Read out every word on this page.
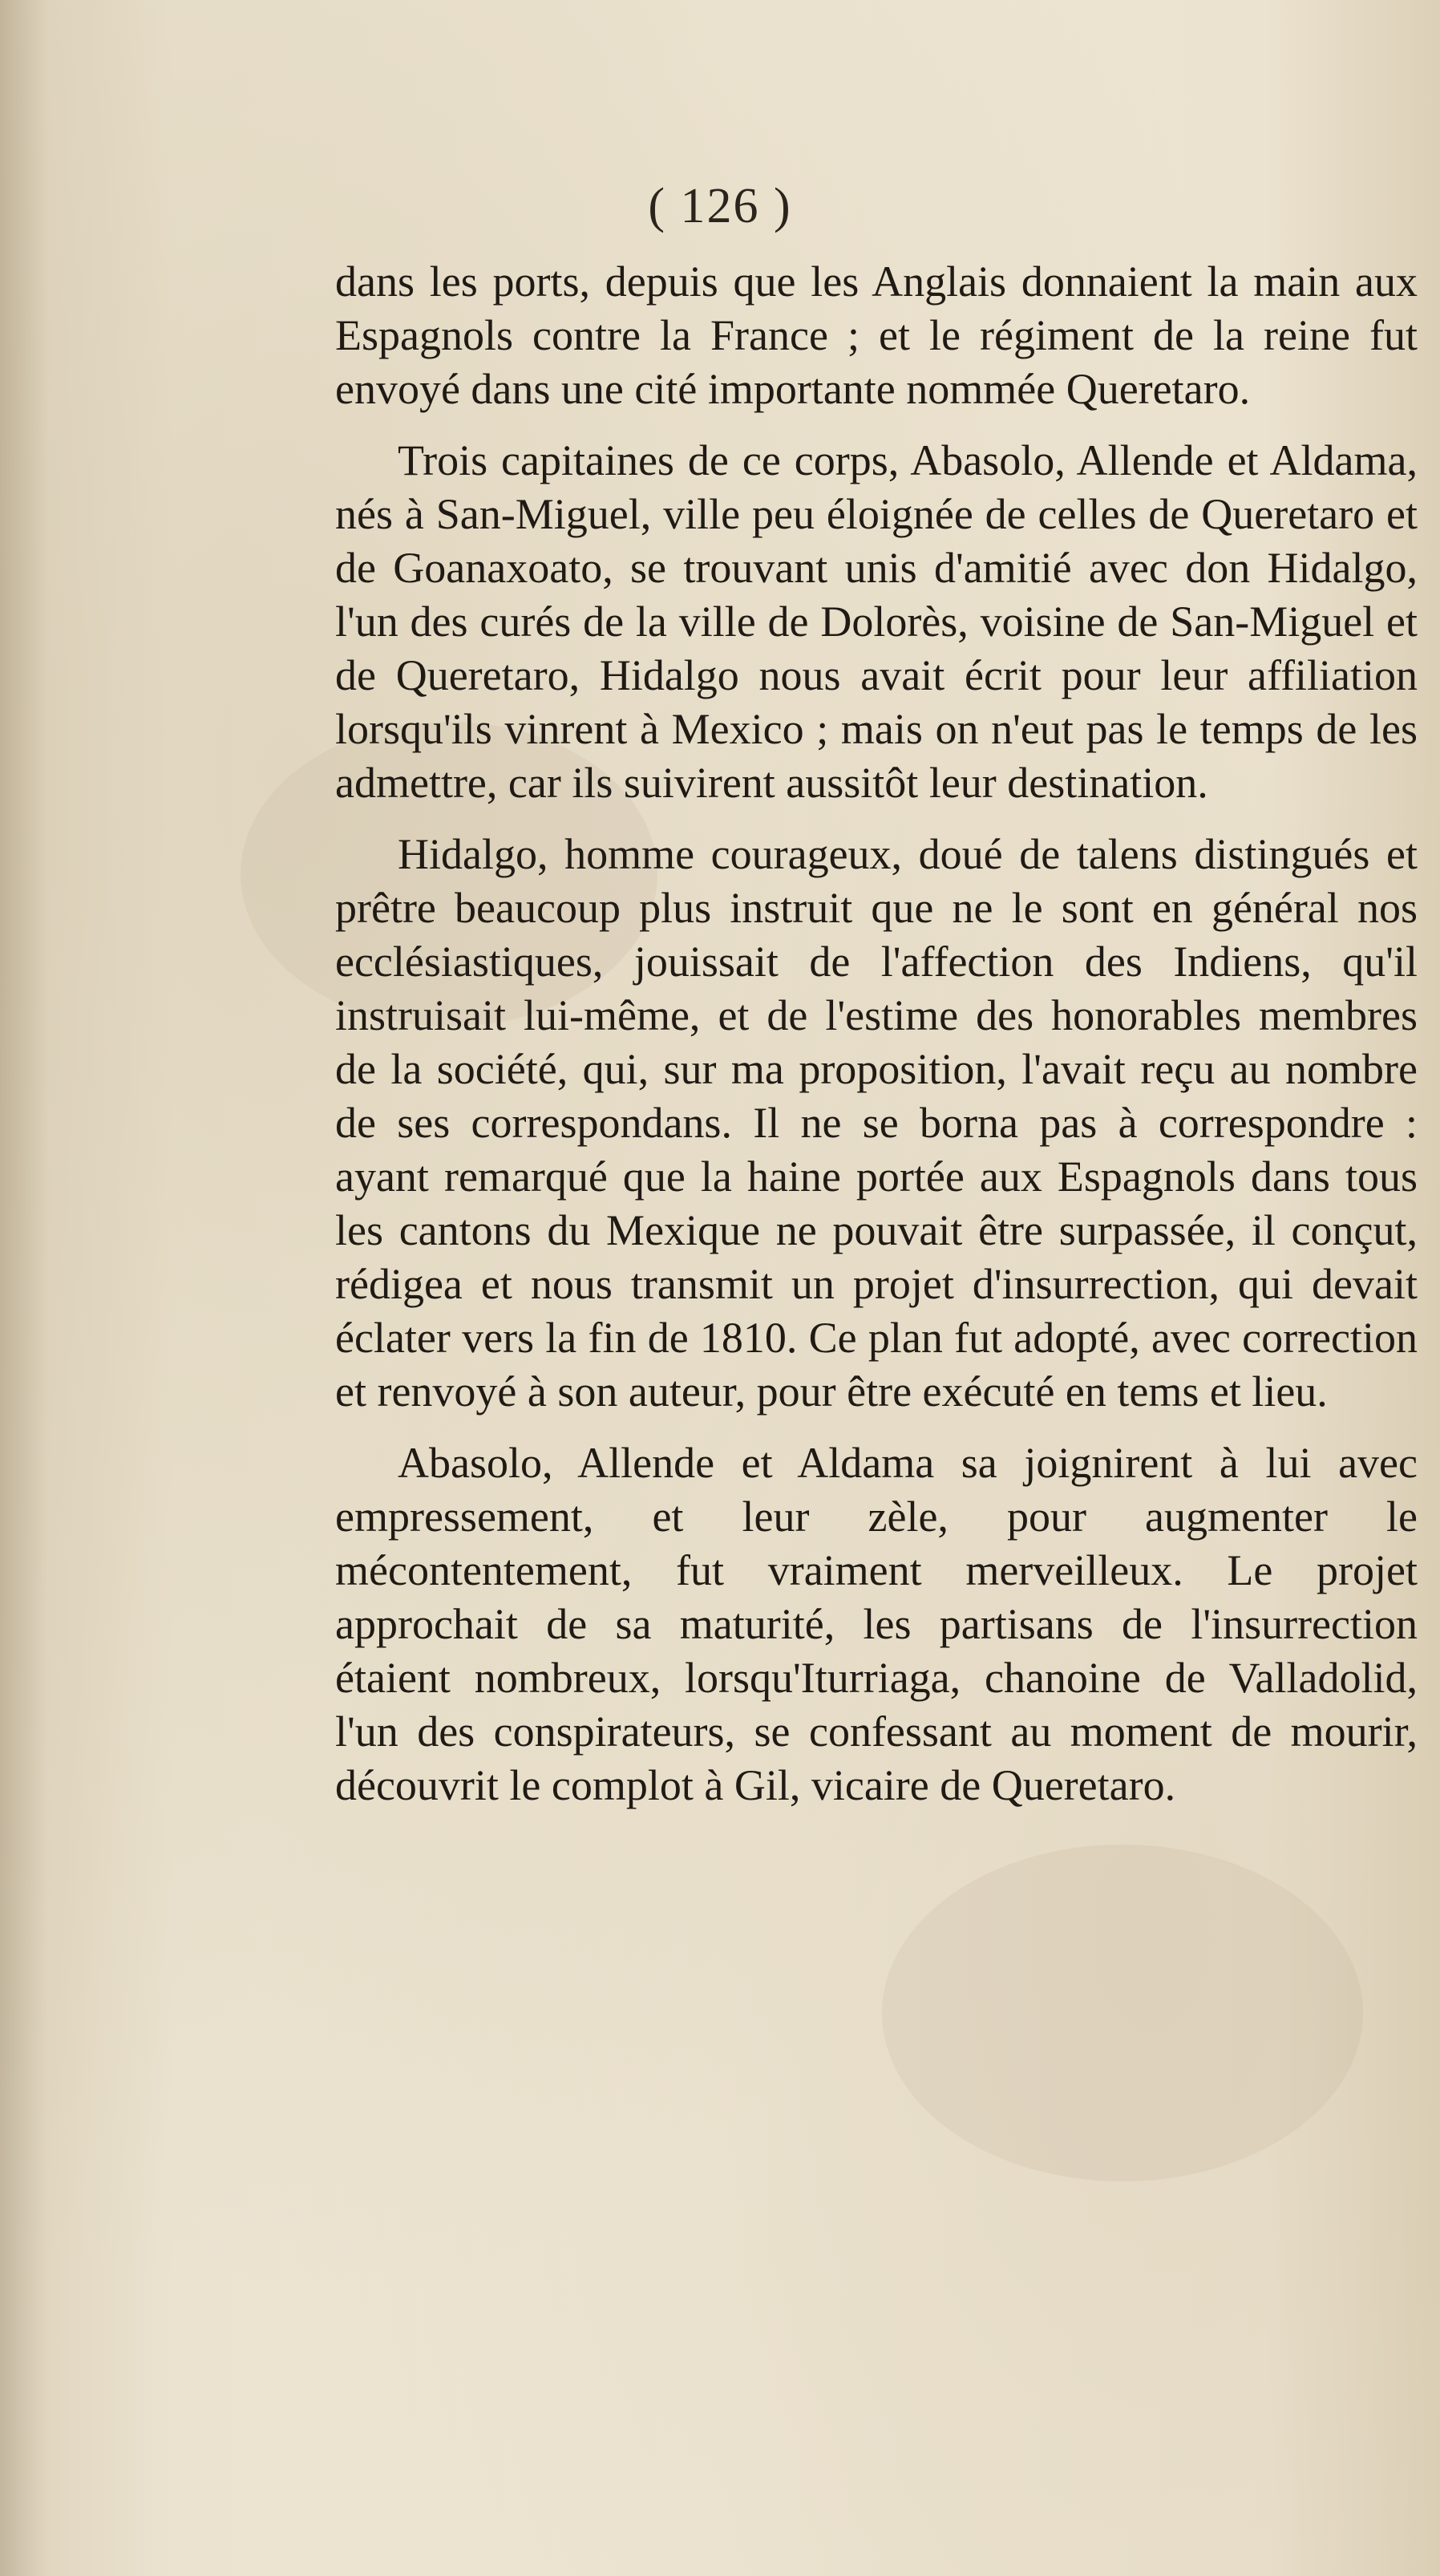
( 126 )

dans les ports, depuis que les Anglais donnaient la main aux Espagnols contre la France ; et le régiment de la reine fut envoyé dans une cité importante nommée Queretaro.

Trois capitaines de ce corps, Abasolo, Allende et Aldama, nés à San-Miguel, ville peu éloignée de celles de Queretaro et de Goanaxoato, se trouvant unis d'amitié avec don Hidalgo, l'un des curés de la ville de Dolorès, voisine de San-Miguel et de Queretaro, Hidalgo nous avait écrit pour leur affiliation lorsqu'ils vinrent à Mexico ; mais on n'eut pas le temps de les admettre, car ils suivirent aussitôt leur destination.

Hidalgo, homme courageux, doué de talens distingués et prêtre beaucoup plus instruit que ne le sont en général nos ecclésiastiques, jouissait de l'affection des Indiens, qu'il instruisait lui-même, et de l'estime des honorables membres de la société, qui, sur ma proposition, l'avait reçu au nombre de ses correspondans. Il ne se borna pas à correspondre : ayant remarqué que la haine portée aux Espagnols dans tous les cantons du Mexique ne pouvait être surpassée, il conçut, rédigea et nous transmit un projet d'insurrection, qui devait éclater vers la fin de 1810. Ce plan fut adopté, avec correction et renvoyé à son auteur, pour être exécuté en tems et lieu.

Abasolo, Allende et Aldama sa joignirent à lui avec empressement, et leur zèle, pour augmenter le mécontentement, fut vraiment merveilleux. Le projet approchait de sa maturité, les partisans de l'insurrection étaient nombreux, lorsqu'Iturriaga, chanoine de Valladolid, l'un des conspirateurs, se confessant au moment de mourir, découvrit le complot à Gil, vicaire de Queretaro.
